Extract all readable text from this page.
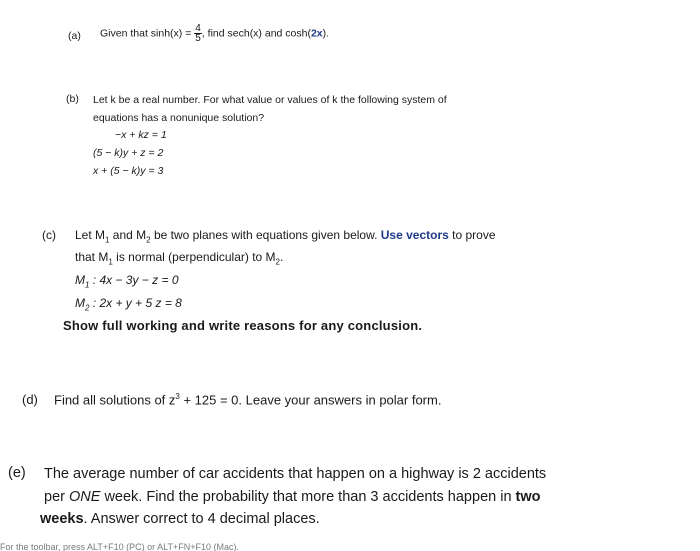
(a) Given that $\sinh(x) = \frac{4}{5}$ , find sech(x) and cosh(2x).
(b) Let k be a real number. For what value or values of k the following system of
equations has a nonunique solution?
−x + kz = 1
(5 − k)y + z = 2
x + (5 − k)y = 3
(c) Let $M_1$ and $M_2$ be two planes with equations given below. Use vectors to prove
that $M_1$ is normal (perpendicular) to $M_2$.
$M_1$ : 4x − 3y − z = 0
$M_2$ : 2x + y + 5 z = 8
Show full working and write reasons for any conclusion.
(d) Find all solutions of $z^3 + 125 = 0$. Leave your answers in polar form.
(e) The average number of car accidents that happen on a highway is 2 accidents
per ONE week. Find the probability that more than 3 accidents happen in two
weeks. Answer correct to 4 decimal places.
For the toolbar, press ALT+F10 (PC) or ALT+FN+F10 (Mac).
